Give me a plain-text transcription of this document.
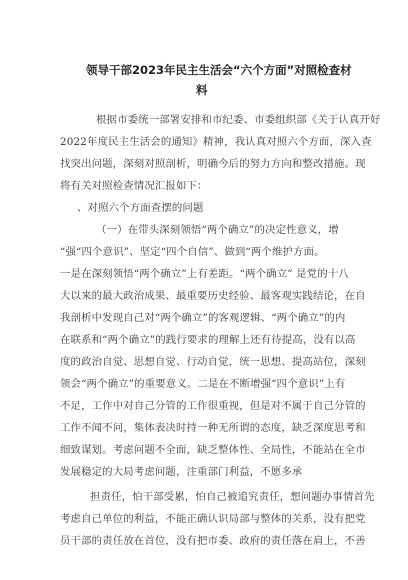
领导干部2023年民主生活会“六个方面”对照检查材
料
根据市委统一部署安排和市纪委、市委组织部《关于认真开好
2022年度民主生活会的通知》精神，我认真对照六个方面，深入查
找突出问题，深刻对照剖析，明确今后的努力方向和整改措施。现
将有关对照检查情况汇报如下：
、对照六个方面查摆的问题
（一）在带头深刻领悟“两个确立”的决定性意义，增
“强“四个意识”、坚定“四个自信”、做到“两个维护方面。
一是在深刻领悟“两个确立”上有差距。“两个确立” 是党的十八
大以来的最大政治成果、最重要历史经验、最客观实践结论，在自
我剖析中发现自己对“两个确立”的客观逻辑、“两个确立”的内
在联系和“两个确立”的践行要求的理解上还有待提高，没有以高
度的政治自觉、思想自觉、行动自觉，统一思想、提高站位，深刻
领会“两个确立”的重要意义。二是在不断增强“四个意识”上有
不足，工作中对自己分管的工作很重视，但是对不属于自己分管的
工作不闻不问，集体表决时持一种无所谓的态度，缺乏深度思考和
细致谋划。考虑问题不全面，缺乏整体性、全局性，不能站在全市
发展稳定的大局考虑问题，注重部门利益，不愿多承
担责任，怕干部受累，怕自己被追究责任，想问题办事情首先
考虑自己单位的利益，不能正确认识局部与整体的关系，没有把党
员干部的责任放在首位，没有把市委、政府的责任落在肩上，不善
